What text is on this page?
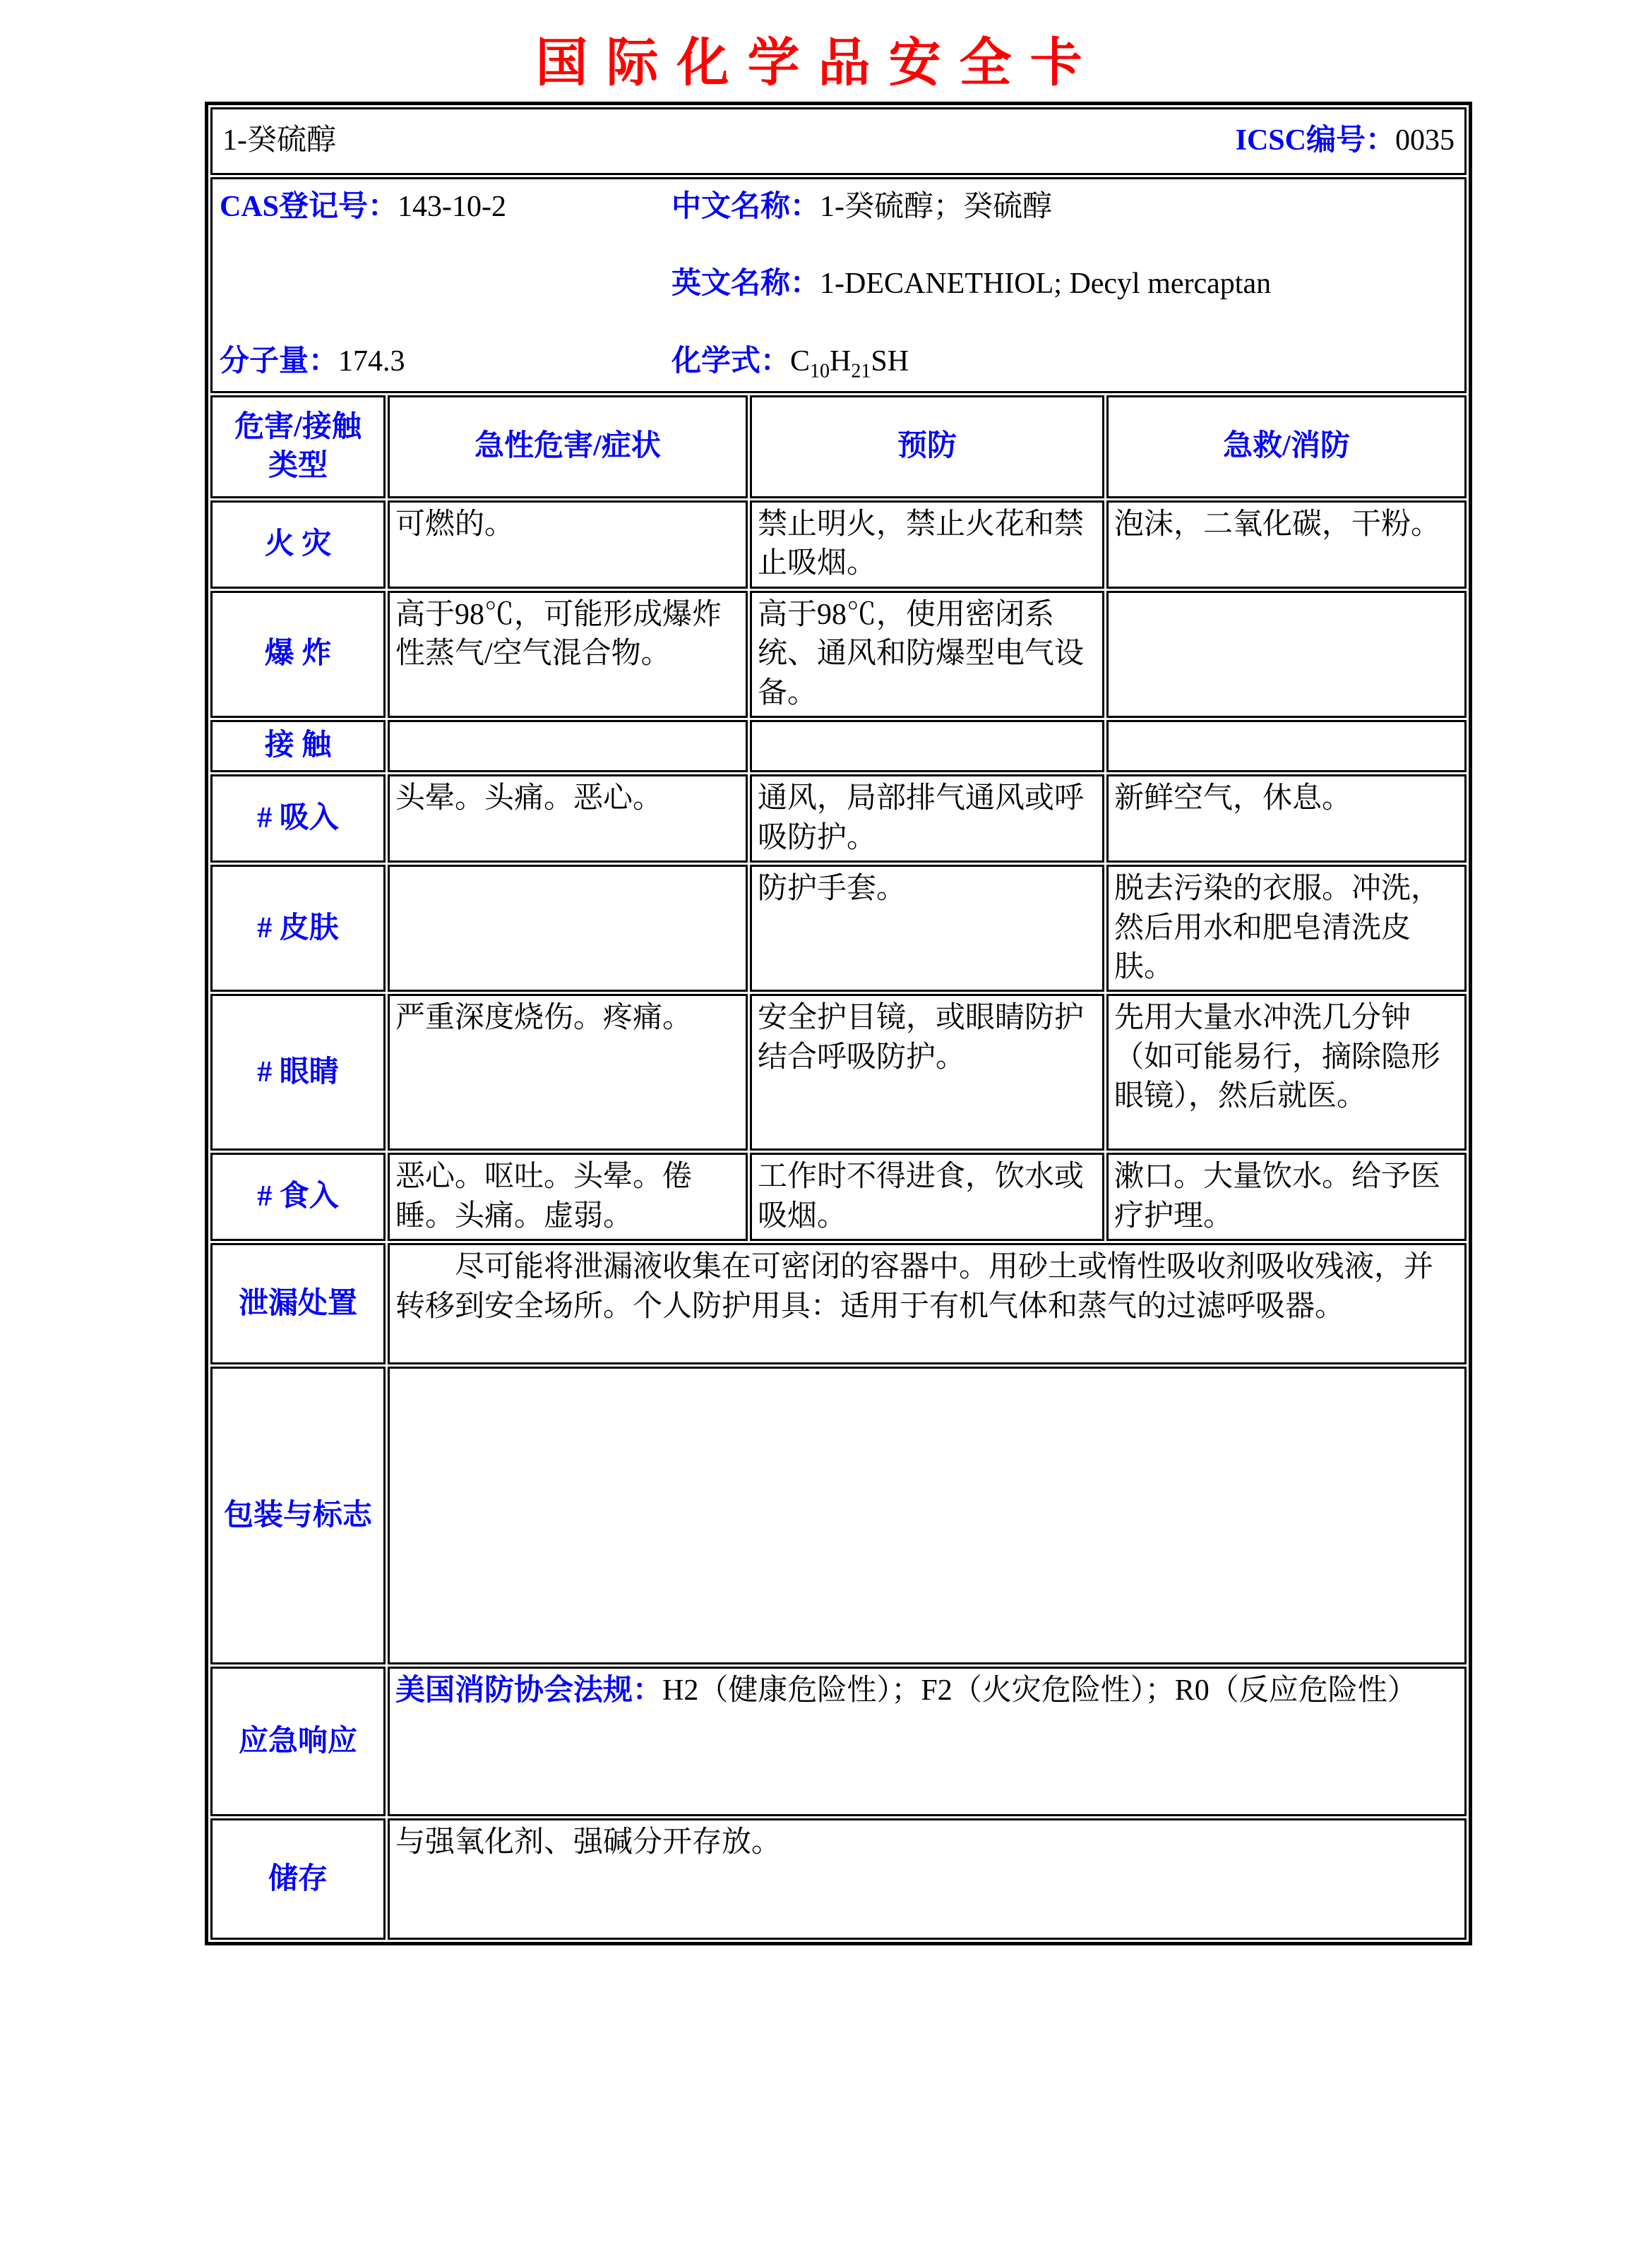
国际化学品安全卡
1-癸硫醇 ICSC编号：0035			

CAS登记号：143-10-2 中文名称：1-癸硫醇；癸硫醇
英文名称：1-DECANETHIOL; Decyl mercaptan
分子量：174.3 化学式：$C_{10}H_{21}SH$			

危害/接触
类型	急性危害/症状	预防	急救/消防
火 灾	可燃的。	禁止明火，禁止火花和禁止吸烟。	泡沫，二氧化碳，干粉。
爆 炸	高于98℃，可能形成爆炸性蒸气/空气混合物。	高于98℃，使用密闭系统、通风和防爆型电气设备。	
接 触			
# 吸入	头晕。头痛。恶心。	通风，局部排气通风或呼吸防护。	新鲜空气，休息。
# 皮肤		防护手套。	脱去污染的衣服。冲洗，然后用水和肥皂清洗皮肤。
# 眼睛	严重深度烧伤。疼痛。	安全护目镜，或眼睛防护结合呼吸防护。	先用大量水冲洗几分钟（如可能易行，摘除隐形眼镜），然后就医。
# 食入	恶心。呕吐。头晕。倦睡。头痛。虚弱。	工作时不得进食，饮水或吸烟。	漱口。大量饮水。给予医疗护理。
泄漏处置	尽可能将泄漏液收集在可密闭的容器中。用砂土或惰性吸收剂吸收残液，并转移到安全场所。个人防护用具：适用于有机气体和蒸气的过滤呼吸器。		
包装与标志			
应急响应	美国消防协会法规：H2（健康危险性）；F2（火灾危险性）；R0（反应危险性）		
储存	与强氧化剂、强碱分开存放。		
